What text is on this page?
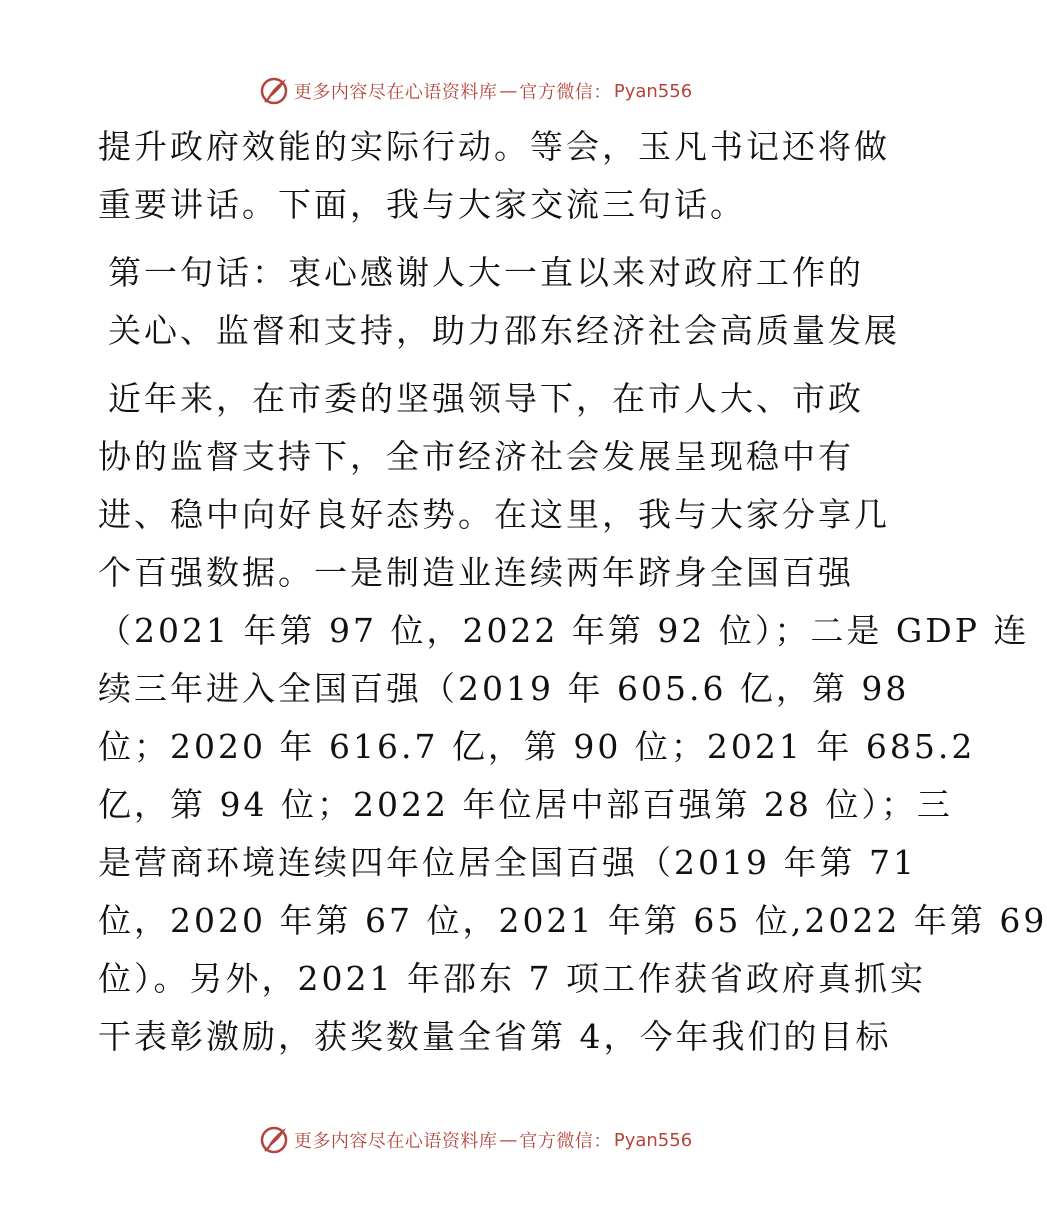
更多内容尽在心语资料库 — 官方微信： Pyan556

提升政府效能的实际行动。等会，玉凡书记还将做
重要讲话。下面，我与大家交流三句话。

第一句话：衷心感谢人大一直以来对政府工作的
关心、监督和支持，助力邵东经济社会高质量发展

近年来，在市委的坚强领导下，在市人大、市政
协的监督支持下，全市经济社会发展呈现稳中有
进、稳中向好良好态势。在这里，我与大家分享几
个百强数据。一是制造业连续两年跻身全国百强
（2021 年第 97 位，2022 年第 92 位）；二是 GDP 连
续三年进入全国百强（2019 年 605.6 亿，第 98
位；2020 年 616.7 亿，第 90 位；2021 年 685.2
亿，第 94 位；2022 年位居中部百强第 28 位）；三
是营商环境连续四年位居全国百强（2019 年第 71
位，2020 年第 67 位，2021 年第 65 位,2022 年第 69
位）。另外，2021 年邵东 7 项工作获省政府真抓实
干表彰激励，获奖数量全省第 4，今年我们的目标

更多内容尽在心语资料库 — 官方微信： Pyan556
